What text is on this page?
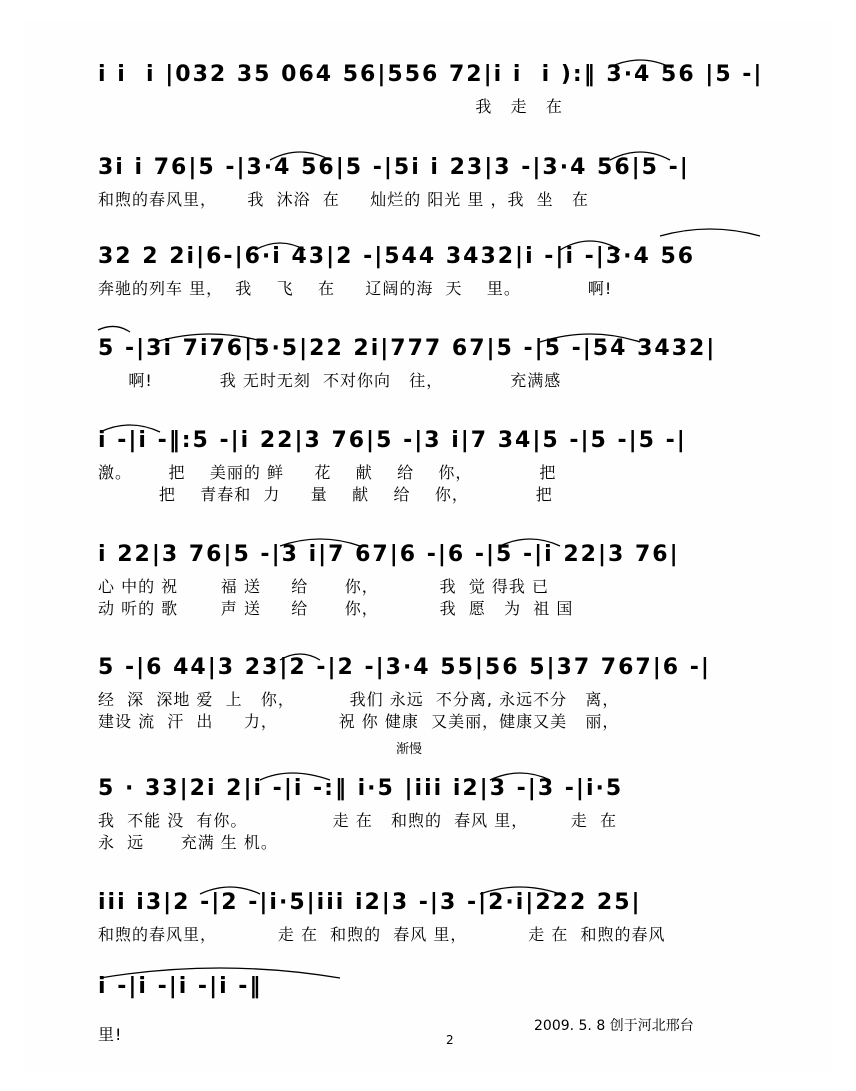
i i  i |032 35 064 56|556 72|i i  i ):‖ 3·4 56 |5 -|
我   走   在
3i i 76|5 -|3·4 56|5 -|5i i 23|3 -|3·4 56|5 -|
和煦的春风里，     我  沐浴  在     灿烂的 阳光 里 ，我  坐   在
32 2 2i|6-|6·i 43|2 -|544 3432|i -|i -|3·4 56
奔驰的列车 里，  我    飞    在     辽阔的海  天    里。           啊!
5 -|3i 7i76|5·5|22 2i|777 67|5 -|5 -|54 3432|
啊!           我 无时无刻  不对你向   往，           充满感
i -|i -‖:5 -|i 22|3 76|5 -|3 i|7 34|5 -|5 -|5 -|
激。      把    美丽的 鲜     花    献    给    你，           把
把    青春和  力     量    献    给    你，           把
i 22|3 76|5 -|3 i|7 67|6 -|6 -|5 -|i 22|3 76|
心 中的 祝       福 送     给      你，          我  觉 得我 已
动 听的 歌       声 送     给      你，          我  愿   为  祖 国
5 -|6 44|3 23|2 -|2 -|3·4 55|56 5|37 767|6 -|
经  深  深地 爱  上   你，         我们 永远  不分离, 永远不分   离，
建设 流  汗  出     力，          祝 你 健康  又美丽，健康又美   丽，
渐慢
5 · 33|2i 2|i -|i -:‖ i·5 |iii i2|3 -|3 -|i·5
我  不能 没  有你。              走 在   和煦的  春风 里，       走  在
永  远      充满 生 机。
iii i3|2 -|2 -|i·5|iii i2|3 -|3 -|2·i|222 25|
和煦的春风里，          走 在  和煦的  春风 里，          走 在  和煦的春风
i -|i -|i -|i -‖
里!	2009. 5. 8 创于河北邢台
2
